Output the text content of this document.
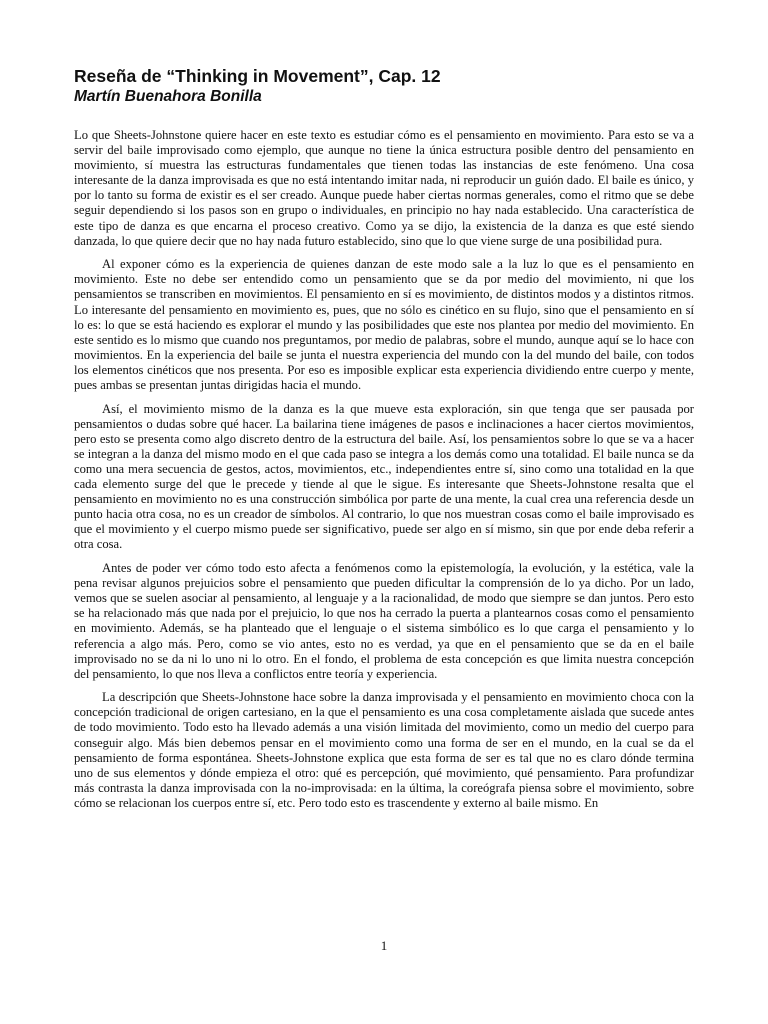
Reseña de “Thinking in Movement”, Cap. 12
Martín Buenahora Bonilla

Lo que Sheets-Johnstone quiere hacer en este texto es estudiar cómo es el pensamiento en movimiento. Para esto se va a servir del baile improvisado como ejemplo, que aunque no tiene la única estructura posible dentro del pensamiento en movimiento, sí muestra las estructuras fundamentales que tienen todas las instancias de este fenómeno. Una cosa interesante de la danza improvisada es que no está intentando imitar nada, ni reproducir un guión dado. El baile es único, y por lo tanto su forma de existir es el ser creado. Aunque puede haber ciertas normas generales, como el ritmo que se debe seguir dependiendo si los pasos son en grupo o individuales, en principio no hay nada establecido. Una característica de este tipo de danza es que encarna el proceso creativo. Como ya se dijo, la existencia de la danza es que esté siendo danzada, lo que quiere decir que no hay nada futuro establecido, sino que lo que viene surge de una posibilidad pura.

Al exponer cómo es la experiencia de quienes danzan de este modo sale a la luz lo que es el pensamiento en movimiento. Este no debe ser entendido como un pensamiento que se da por medio del movimiento, ni que los pensamientos se transcriben en movimientos. El pensamiento en sí es movimiento, de distintos modos y a distintos ritmos. Lo interesante del pensamiento en movimiento es, pues, que no sólo es cinético en su flujo, sino que el pensamiento en sí lo es: lo que se está haciendo es explorar el mundo y las posibilidades que este nos plantea por medio del movimiento. En este sentido es lo mismo que cuando nos preguntamos, por medio de palabras, sobre el mundo, aunque aquí se lo hace con movimientos. En la experiencia del baile se junta el nuestra experiencia del mundo con la del mundo del baile, con todos los elementos cinéticos que nos presenta. Por eso es imposible explicar esta experiencia dividiendo entre cuerpo y mente, pues ambas se presentan juntas dirigidas hacia el mundo.

Así, el movimiento mismo de la danza es la que mueve esta exploración, sin que tenga que ser pausada por pensamientos o dudas sobre qué hacer. La bailarina tiene imágenes de pasos e inclinaciones a hacer ciertos movimientos, pero esto se presenta como algo discreto dentro de la estructura del baile. Así, los pensamientos sobre lo que se va a hacer se integran a la danza del mismo modo en el que cada paso se integra a los demás como una totalidad. El baile nunca se da como una mera secuencia de gestos, actos, movimientos, etc., independientes entre sí, sino como una totalidad en la que cada elemento surge del que le precede y tiende al que le sigue. Es interesante que Sheets-Johnstone resalta que el pensamiento en movimiento no es una construcción simbólica por parte de una mente, la cual crea una referencia desde un punto hacia otra cosa, no es un creador de símbolos. Al contrario, lo que nos muestran cosas como el baile improvisado es que el movimiento y el cuerpo mismo puede ser significativo, puede ser algo en sí mismo, sin que por ende deba referir a otra cosa.

Antes de poder ver cómo todo esto afecta a fenómenos como la epistemología, la evolución, y la estética, vale la pena revisar algunos prejuicios sobre el pensamiento que pueden dificultar la comprensión de lo ya dicho. Por un lado, vemos que se suelen asociar al pensamiento, al lenguaje y a la racionalidad, de modo que siempre se dan juntos. Pero esto se ha relacionado más que nada por el prejuicio, lo que nos ha cerrado la puerta a plantearnos cosas como el pensamiento en movimiento. Además, se ha planteado que el lenguaje o el sistema simbólico es lo que carga el pensamiento y lo referencia a algo más. Pero, como se vio antes, esto no es verdad, ya que en el pensamiento que se da en el baile improvisado no se da ni lo uno ni lo otro. En el fondo, el problema de esta concepción es que limita nuestra concepción del pensamiento, lo que nos lleva a conflictos entre teoría y experiencia.

La descripción que Sheets-Johnstone hace sobre la danza improvisada y el pensamiento en movimiento choca con la concepción tradicional de origen cartesiano, en la que el pensamiento es una cosa completamente aislada que sucede antes de todo movimiento. Todo esto ha llevado además a una visión limitada del movimiento, como un medio del cuerpo para conseguir algo. Más bien debemos pensar en el movimiento como una forma de ser en el mundo, en la cual se da el pensamiento de forma espontánea. Sheets-Johnstone explica que esta forma de ser es tal que no es claro dónde termina uno de sus elementos y dónde empieza el otro: qué es percepción, qué movimiento, qué pensamiento. Para profundizar más contrasta la danza improvisada con la no-improvisada: en la última, la coreógrafa piensa sobre el movimiento, sobre cómo se relacionan los cuerpos entre sí, etc. Pero todo esto es trascendente y externo al baile mismo. En

1
